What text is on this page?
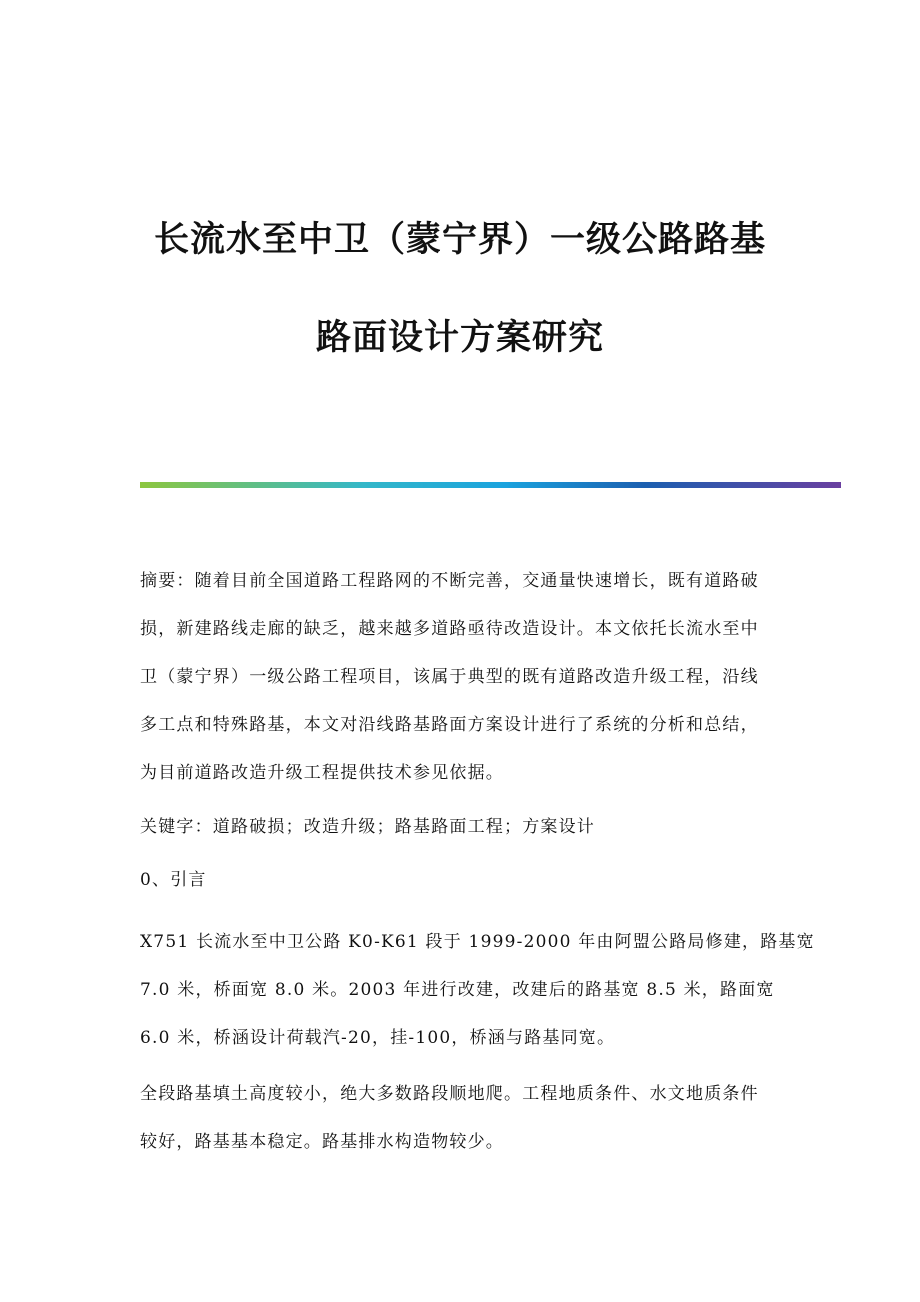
长流水至中卫（蒙宁界）一级公路路基
路面设计方案研究
摘要：随着目前全国道路工程路网的不断完善，交通量快速增长，既有道路破
损，新建路线走廊的缺乏，越来越多道路亟待改造设计。本文依托长流水至中
卫（蒙宁界）一级公路工程项目，该属于典型的既有道路改造升级工程，沿线
多工点和特殊路基，本文对沿线路基路面方案设计进行了系统的分析和总结，
为目前道路改造升级工程提供技术参见依据。
关键字：道路破损；改造升级；路基路面工程；方案设计
0、引言
X751 长流水至中卫公路 K0-K61 段于 1999-2000 年由阿盟公路局修建，路基宽
7.0 米，桥面宽 8.0 米。2003 年进行改建，改建后的路基宽 8.5 米，路面宽
6.0 米，桥涵设计荷载汽-20，挂-100，桥涵与路基同宽。
全段路基填土高度较小，绝大多数路段顺地爬。工程地质条件、水文地质条件
较好，路基基本稳定。路基排水构造物较少。
